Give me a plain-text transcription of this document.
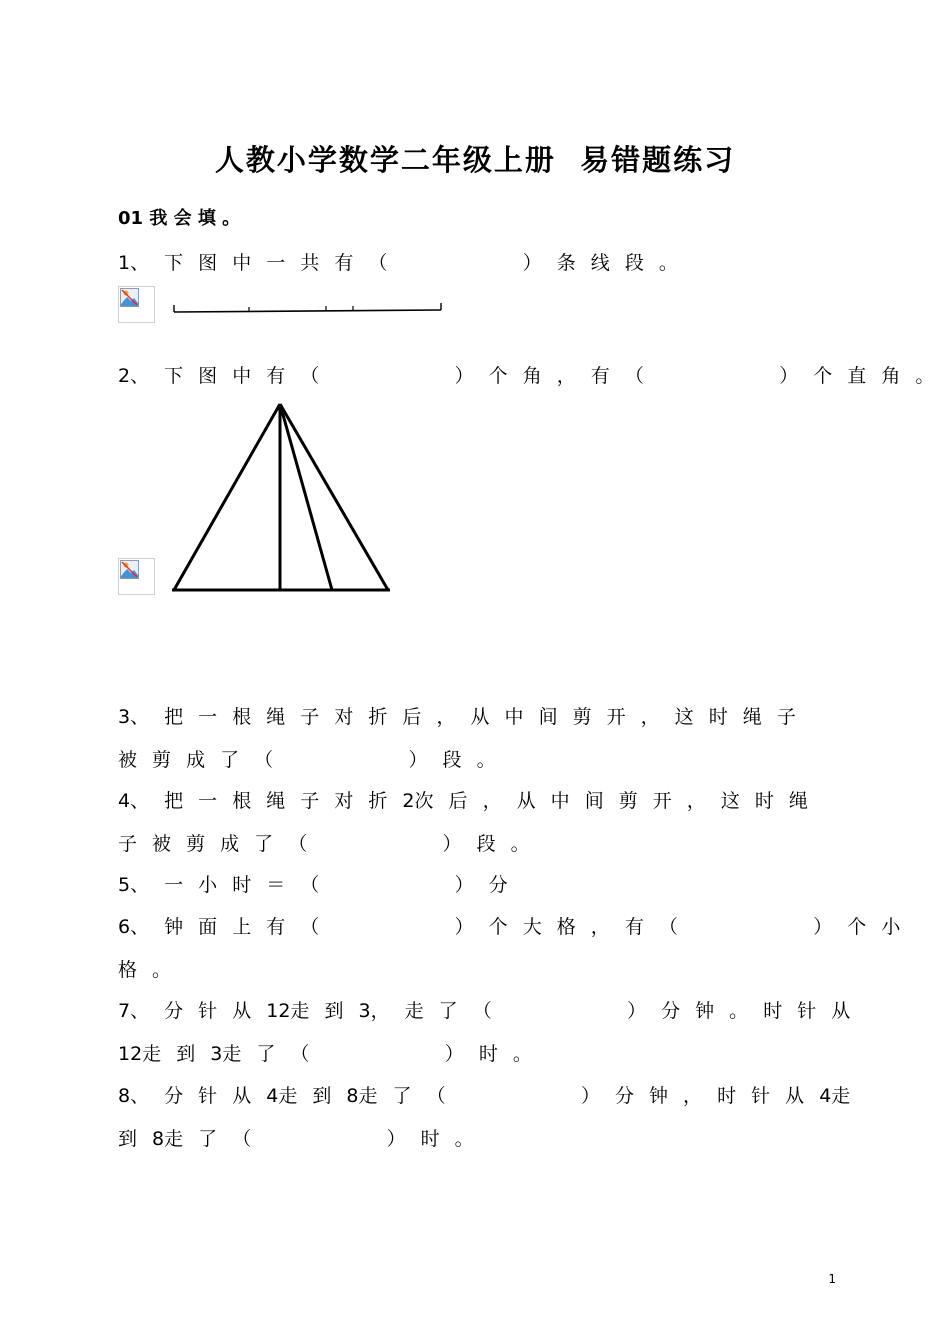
人教小学数学二年级上册  易错题练习
01 我 会 填 。
1、 下 图 中 一 共 有 （         ） 条 线 段 。
2、 下 图 中 有 （         ） 个 角 ， 有 （         ） 个 直 角 。
3、 把 一 根 绳 子 对 折 后 ， 从 中 间 剪 开 ， 这 时 绳 子
被 剪 成 了 （         ） 段 。
4、 把 一 根 绳 子 对 折 2次 后 ， 从 中 间 剪 开 ， 这 时 绳
子 被 剪 成 了 （         ） 段 。
5、 一 小 时 ＝ （         ） 分
6、 钟 面 上 有 （         ） 个 大 格 ， 有 （         ） 个 小
格 。
7、 分 针 从 12走 到 3， 走 了 （         ） 分 钟 。 时 针 从
12走 到 3走 了 （         ） 时 。
8、 分 针 从 4走 到 8走 了 （         ） 分 钟 ， 时 针 从 4走
到 8走 了 （         ） 时 。
1
